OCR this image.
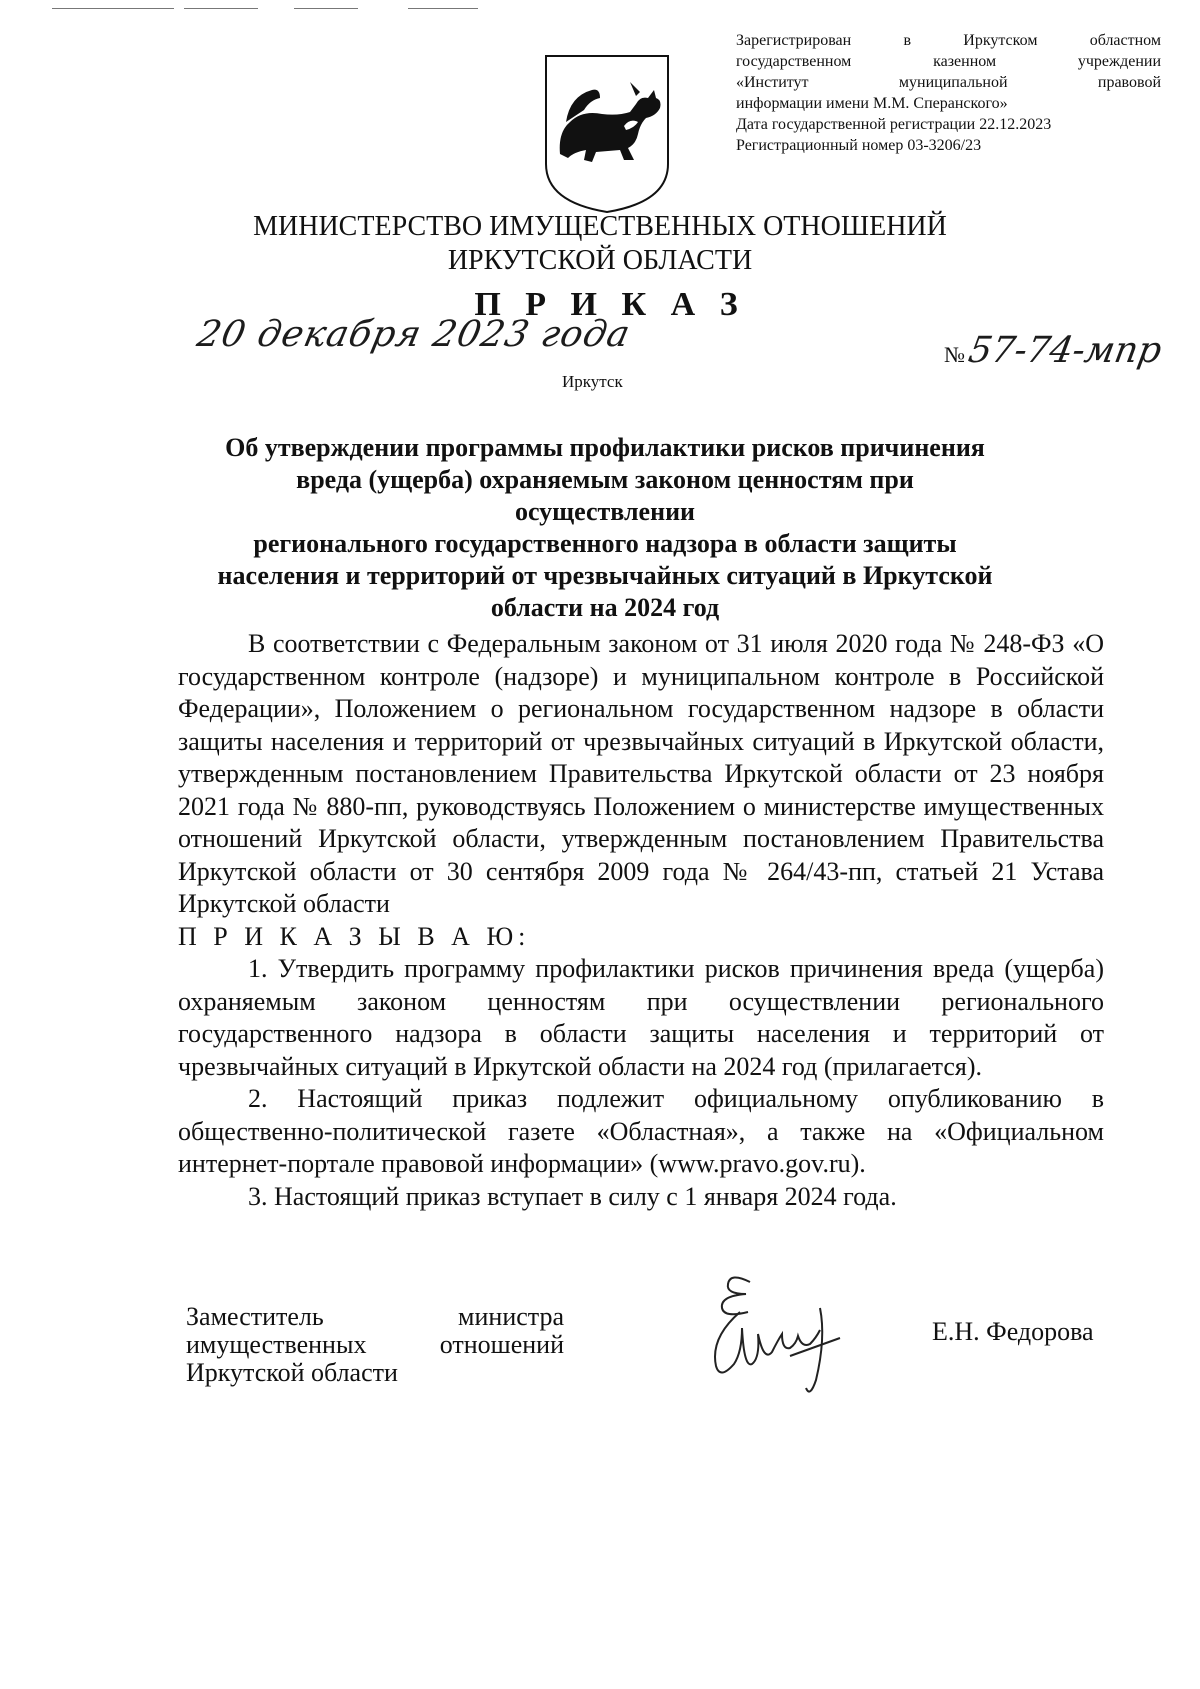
Зарегистрирован в Иркутском областном
государственном казенном учреждении
«Институт муниципальной правовой
информации имени М.М. Сперанского»
Дата государственной регистрации 22.12.2023
Регистрационный номер 03-3206/23
МИНИСТЕРСТВО ИМУЩЕСТВЕННЫХ ОТНОШЕНИЙ
ИРКУТСКОЙ ОБЛАСТИ
П Р И К А З
20 декабря 2023 года
Иркутск
№ 57-74-мпр
Об утверждении программы профилактики рисков причинения
вреда (ущерба) охраняемым законом ценностям при осуществлении
регионального государственного надзора в области защиты
населения и территорий от чрезвычайных ситуаций в Иркутской
области на 2024 год

В соответствии с Федеральным законом от 31 июля 2020 года № 248-ФЗ «О государственном контроле (надзоре) и муниципальном контроле в Российской Федерации», Положением о региональном государственном надзоре в области защиты населения и территорий от чрезвычайных ситуаций в Иркутской области, утвержденным постановлением Правительства Иркутской области от 23 ноября 2021 года № 880-пп, руководствуясь Положением о министерстве имущественных отношений Иркутской области, утвержденным постановлением Правительства Иркутской области от 30 сентября 2009 года № 264/43-пп, статьей 21 Устава Иркутской области

П Р И К А З Ы В А Ю:

1. Утвердить программу профилактики рисков причинения вреда (ущерба) охраняемым законом ценностям при осуществлении регионального государственного надзора в области защиты населения и территорий от чрезвычайных ситуаций в Иркутской области на 2024 год (прилагается).

2. Настоящий приказ подлежит официальному опубликованию в общественно-политической газете «Областная», а также на «Официальном интернет-портале правовой информации» (www.pravo.gov.ru).

3. Настоящий приказ вступает в силу с 1 января 2024 года.

Заместитель министра
имущественных отношений
Иркутской области
Е.Н. Федорова
